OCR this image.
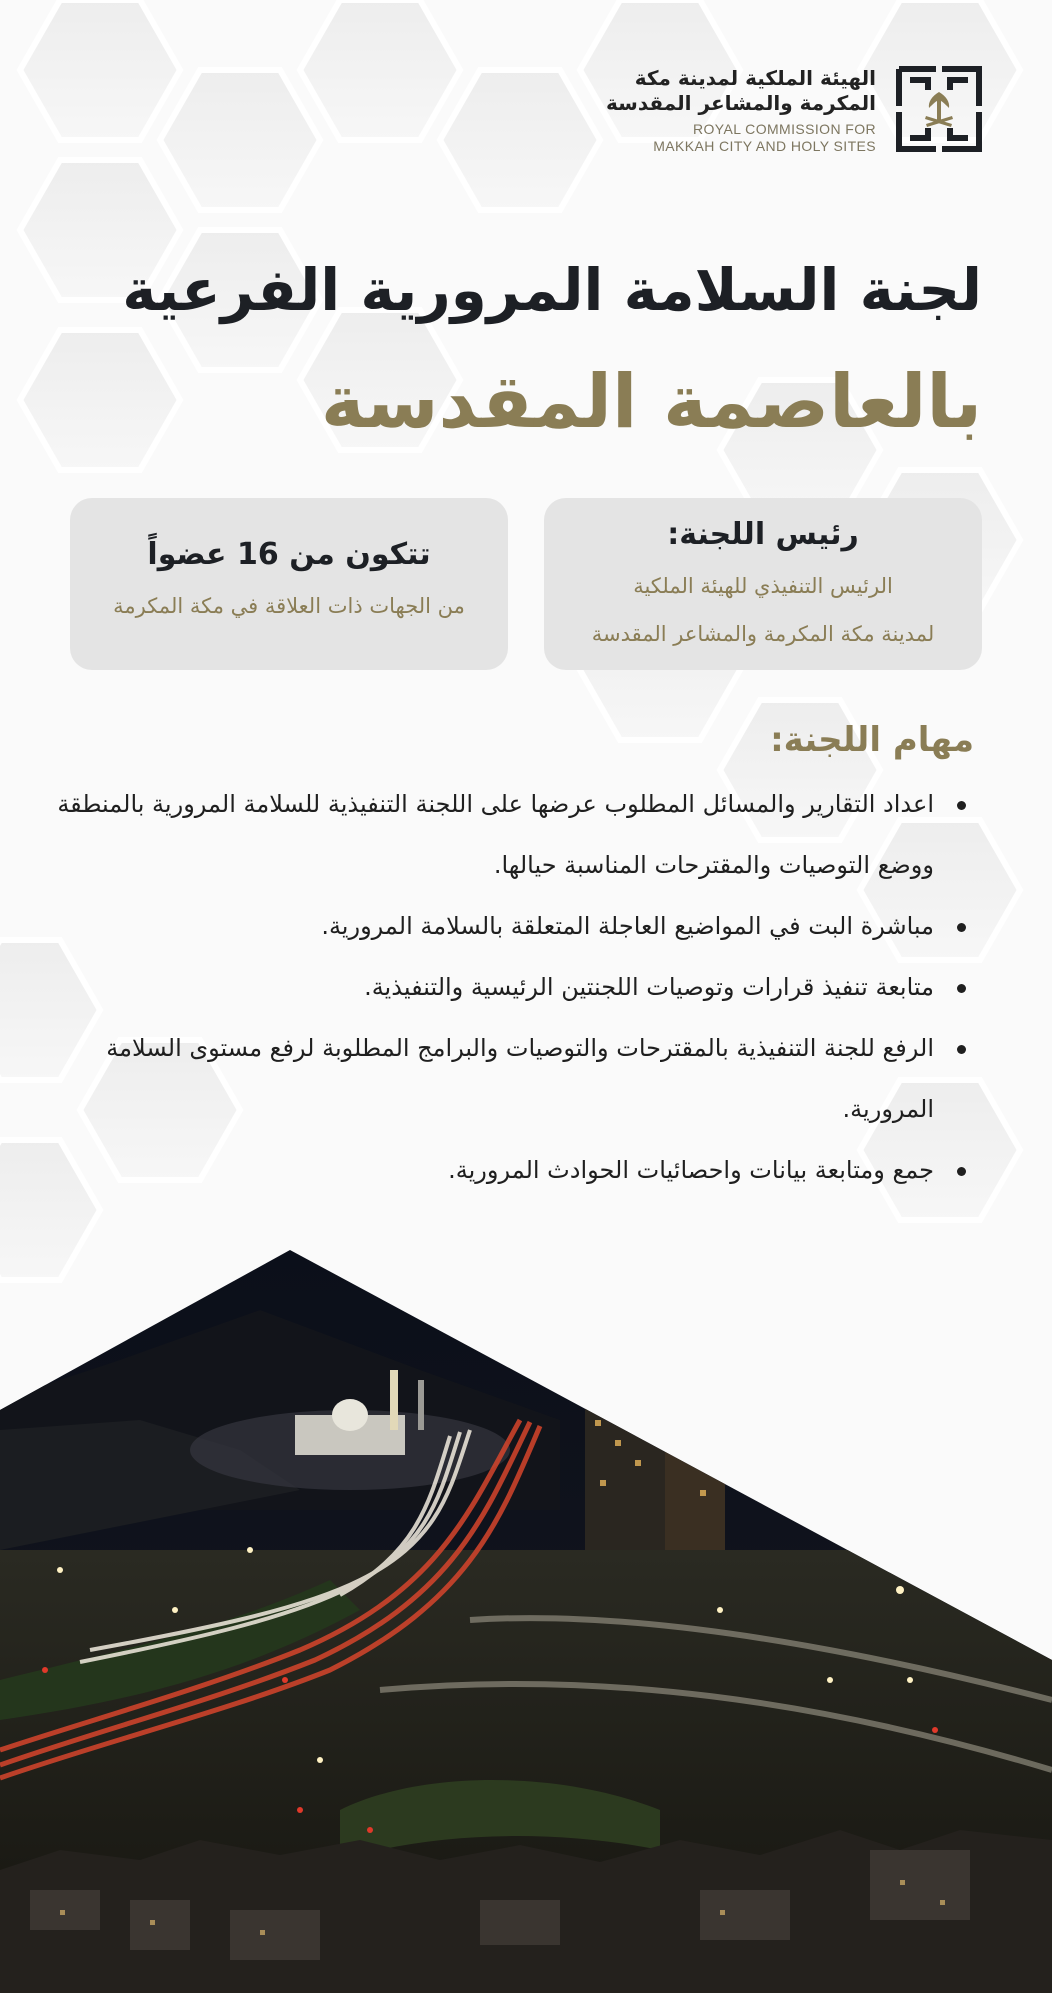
الهيئة الملكية لمدينة مكة
المكرمة والمشاعر المقدسة
ROYAL COMMISSION FOR
MAKKAH CITY AND HOLY SITES
لجنة السلامة المرورية الفرعية
بالعاصمة المقدسة
رئيس اللجنة:
الرئيس التنفيذي للهيئة الملكية
لمدينة مكة المكرمة والمشاعر المقدسة
تتكون من 16 عضواً
من الجهات ذات العلاقة في مكة المكرمة
مهام اللجنة:
اعداد التقارير والمسائل المطلوب عرضها على اللجنة التنفيذية للسلامة المرورية بالمنطقة ووضع التوصيات والمقترحات المناسبة حيالها.
مباشرة البت في المواضيع العاجلة المتعلقة بالسلامة المرورية.
متابعة تنفيذ قرارات وتوصيات اللجنتين الرئيسية والتنفيذية.
الرفع للجنة التنفيذية بالمقترحات والتوصيات والبرامج المطلوبة لرفع مستوى السلامة المرورية.
جمع ومتابعة بيانات واحصائيات الحوادث المرورية.
